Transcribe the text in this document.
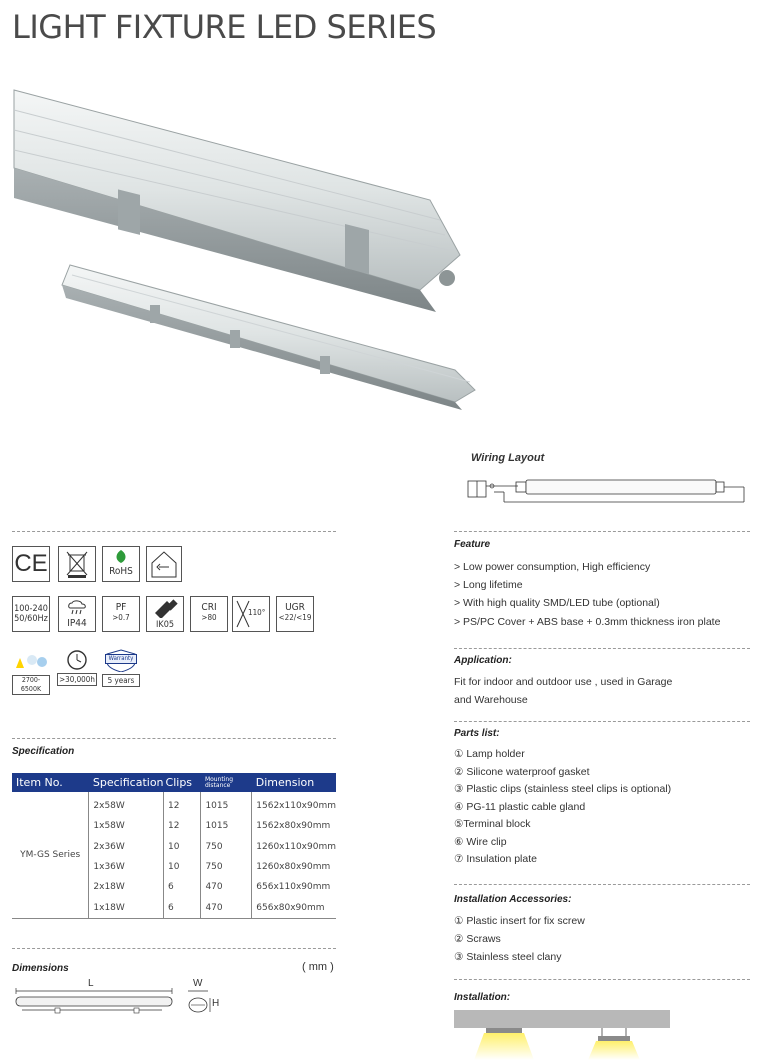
LIGHT FIXTURE LED SERIES
Wiring Layout
CE	RoHS
100-240
50/60Hz	IP44
PF
>0.7
IK05
CRI
>80
110°	UGR
<22/<19
2700-6500K
>30,000h
Warranty
5 years
Feature
> Low power consumption, High efficiency
> Long lifetime
> With high quality SMD/LED tube (optional)
> PS/PC Cover + ABS base + 0.3mm thickness iron plate
Application:
Fit for indoor and outdoor use , used in Garage
and Warehouse
Parts list:
① Lamp holder
② Silicone waterproof gasket
③ Plastic clips (stainless steel clips is optional)
④ PG-11 plastic cable gland
⑤Terminal block
⑥ Wire clip
⑦ Insulation plate
Installation Accessories:
① Plastic insert for fix screw
② Scraws
③ Stainless steel clany
Installation:
Specification
Item No.	Specification	Clips	Mounting distance	Dimension
YM-GS Series	2x58W	12	1015	1562x110x90mm
	1x58W	12	1015	1562x80x90mm
	2x36W	10	750	1260x110x90mm
	1x36W	10	750	1260x80x90mm
	2x18W	6	470	656x110x90mm
	1x18W	6	470	656x80x90mm
Dimensions	( mm )
L	W
H
